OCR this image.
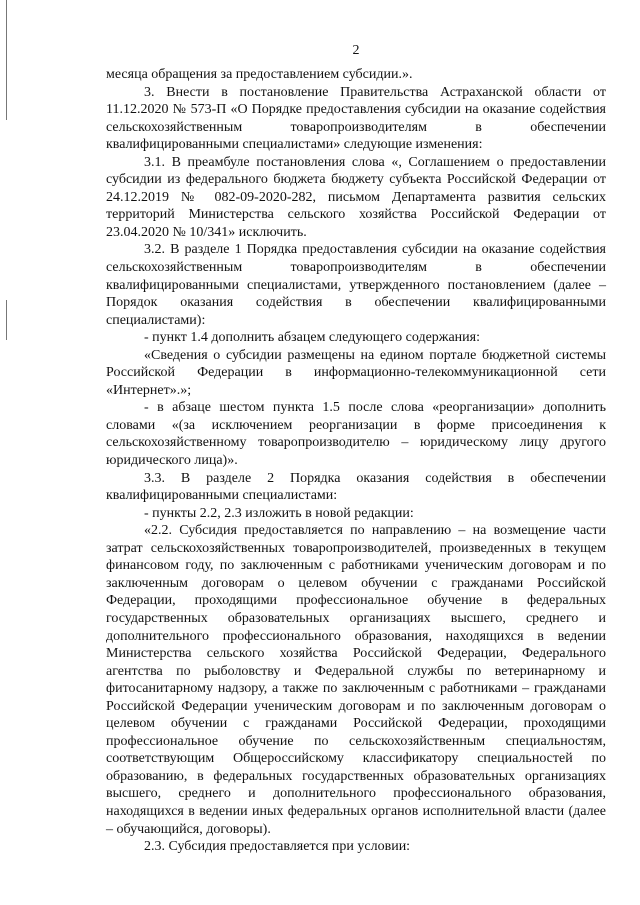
2

месяца обращения за предоставлением субсидии.».

3. Внести в постановление Правительства Астраханской области от 11.12.2020 № 573-П «О Порядке предоставления субсидии на оказание содействия сельскохозяйственным товаропроизводителям в обеспечении квалифицированными специалистами» следующие изменения:

3.1. В преамбуле постановления слова «, Соглашением о предоставлении субсидии из федерального бюджета бюджету субъекта Российской Федерации от 24.12.2019 № 082-09-2020-282, письмом Департамента развития сельских территорий Министерства сельского хозяйства Российской Федерации от 23.04.2020 № 10/341» исключить.

3.2. В разделе 1 Порядка предоставления субсидии на оказание содействия сельскохозяйственным товаропроизводителям в обеспечении квалифицированными специалистами, утвержденного постановлением (далее – Порядок оказания содействия в обеспечении квалифицированными специалистами):

- пункт 1.4 дополнить абзацем следующего содержания:

«Сведения о субсидии размещены на едином портале бюджетной системы Российской Федерации в информационно-телекоммуникационной сети «Интернет».»;

- в абзаце шестом пункта 1.5 после слова «реорганизации» дополнить словами «(за исключением реорганизации в форме присоединения к сельскохозяйственному товаропроизводителю – юридическому лицу другого юридического лица)».

3.3. В разделе 2 Порядка оказания содействия в обеспечении квалифицированными специалистами:

- пункты 2.2, 2.3 изложить в новой редакции:

«2.2. Субсидия предоставляется по направлению – на возмещение части затрат сельскохозяйственных товаропроизводителей, произведенных в текущем финансовом году, по заключенным с работниками ученическим договорам и по заключенным договорам о целевом обучении с гражданами Российской Федерации, проходящими профессиональное обучение в федеральных государственных образовательных организациях высшего, среднего и дополнительного профессионального образования, находящихся в ведении Министерства сельского хозяйства Российской Федерации, Федерального агентства по рыболовству и Федеральной службы по ветеринарному и фитосанитарному надзору, а также по заключенным с работниками – гражданами Российской Федерации ученическим договорам и по заключенным договорам о целевом обучении с гражданами Российской Федерации, проходящими профессиональное обучение по сельскохозяйственным специальностям, соответствующим Общероссийскому классификатору специальностей по образованию, в федеральных государственных образовательных организациях высшего, среднего и дополнительного профессионального образования, находящихся в ведении иных федеральных органов исполнительной власти (далее – обучающийся, договоры).

2.3. Субсидия предоставляется при условии:
